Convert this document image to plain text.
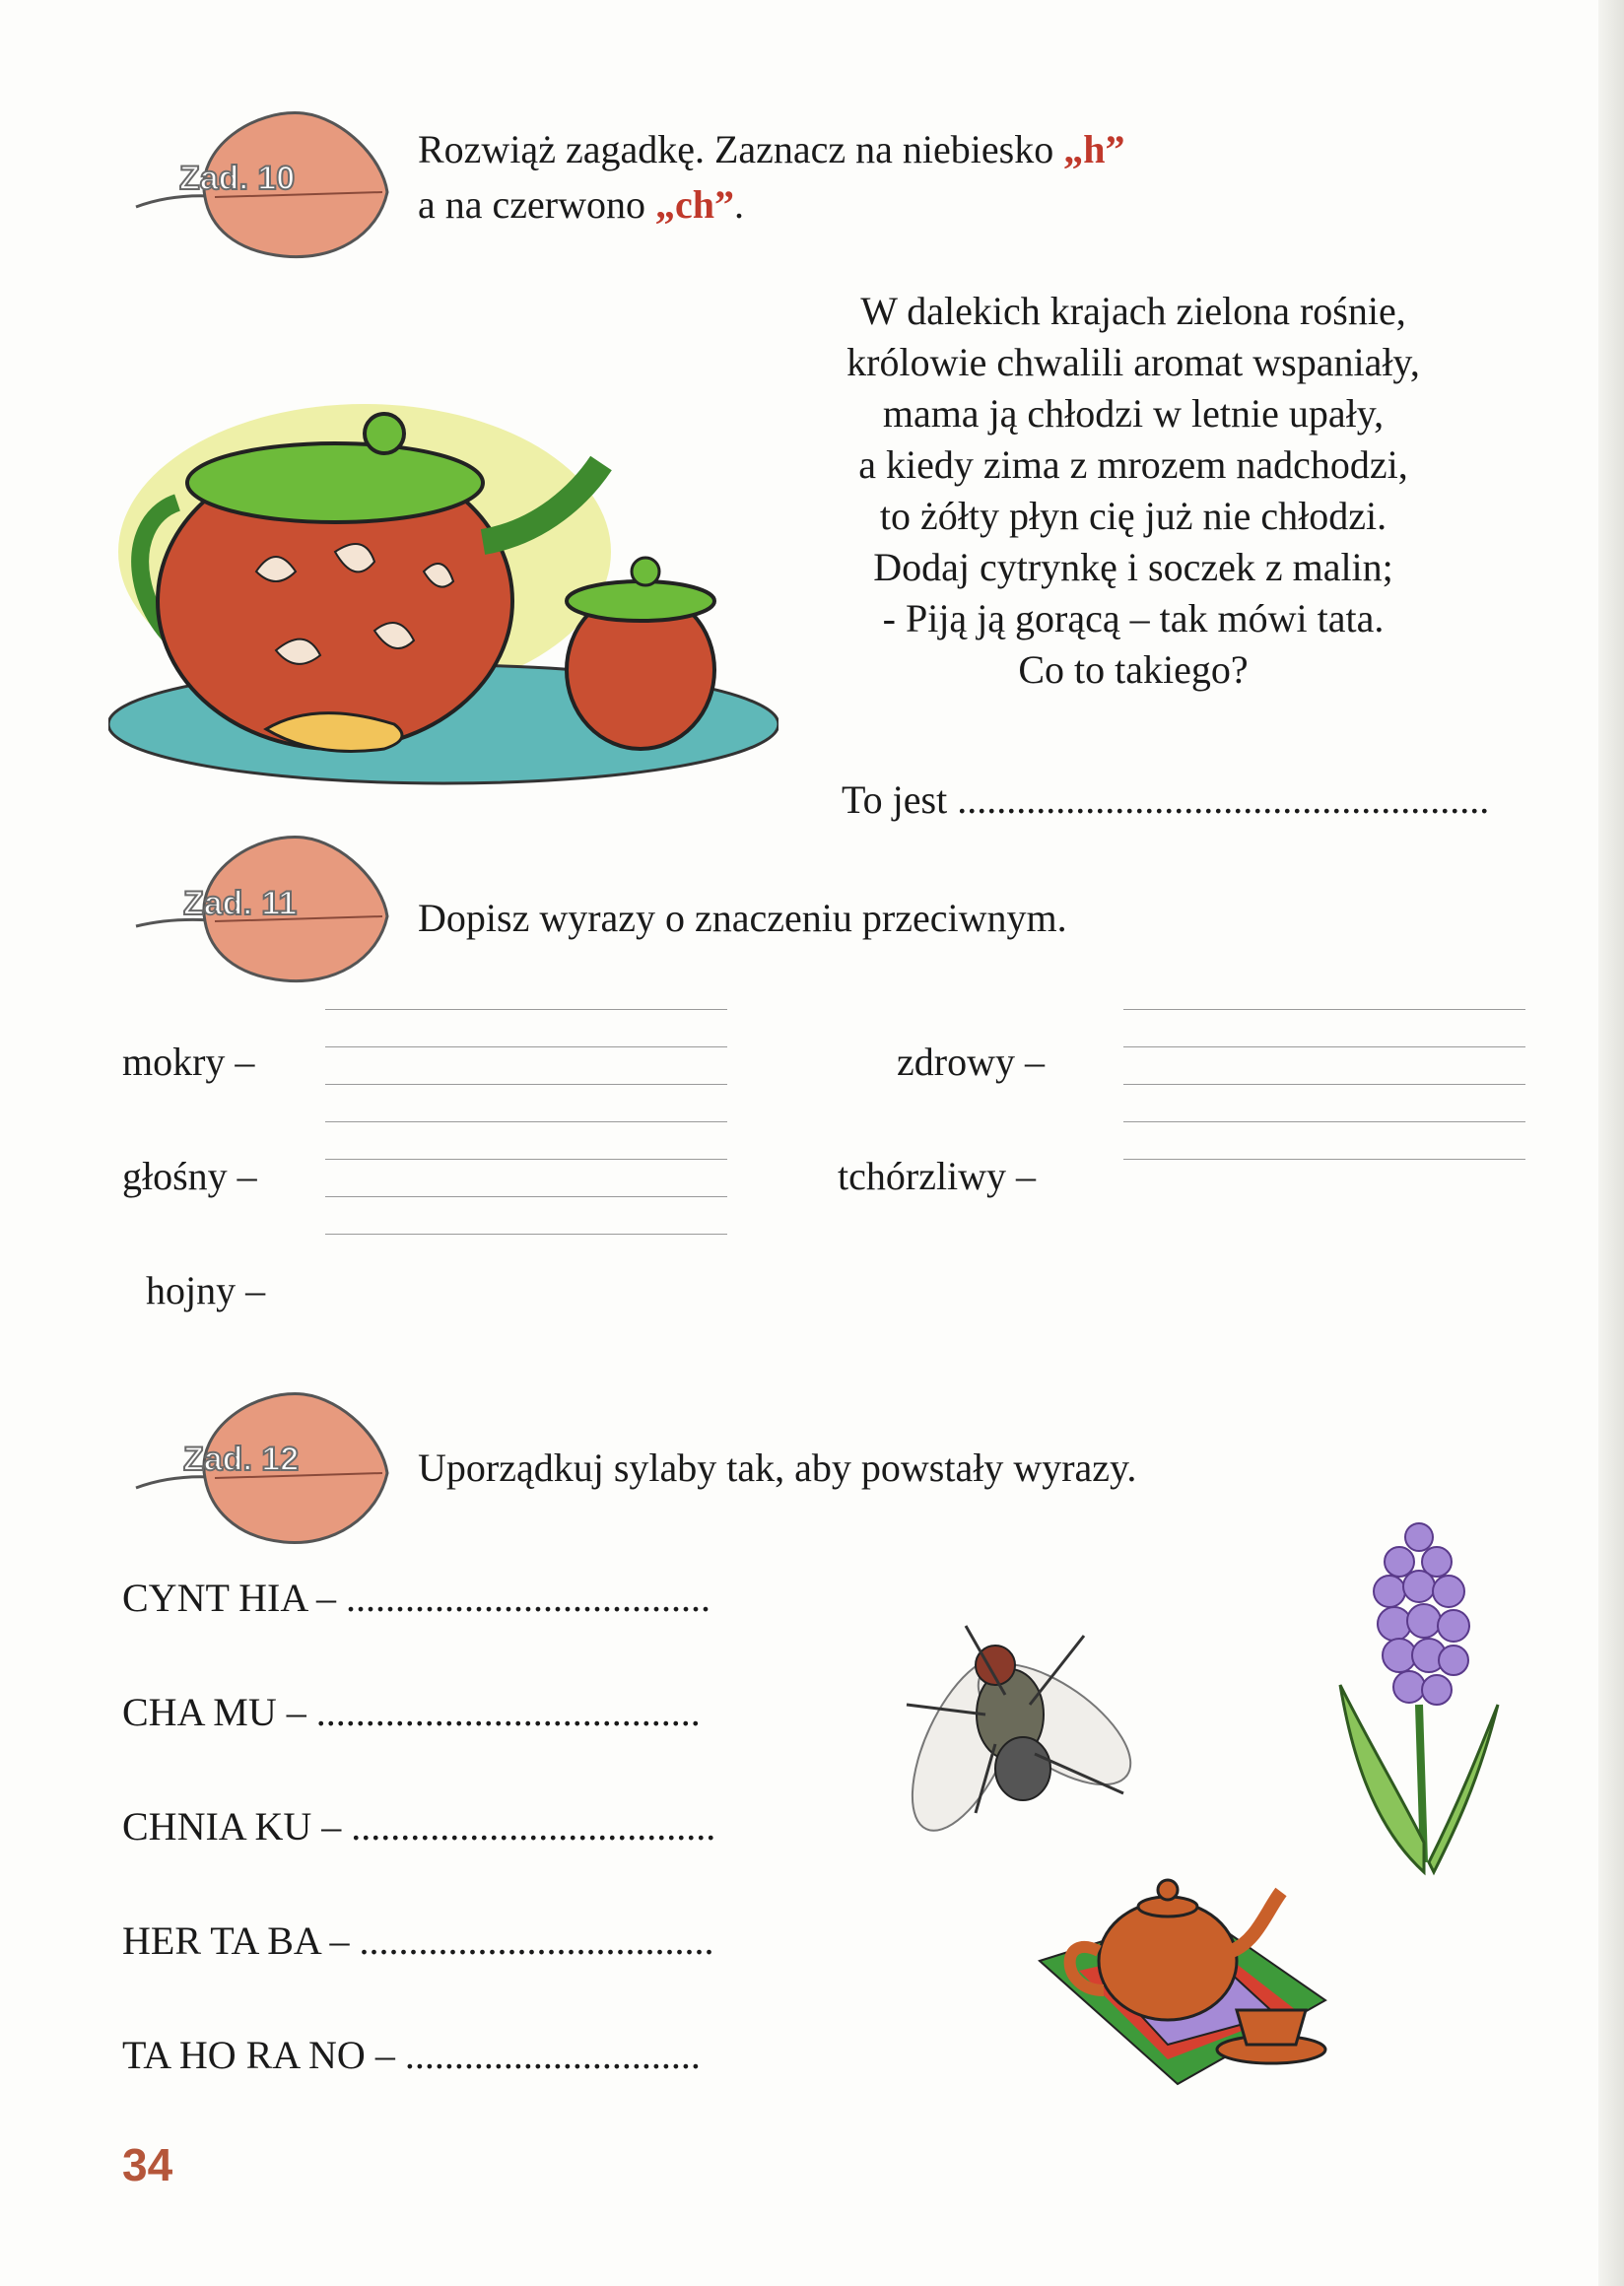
Zad. 10
Rozwiąż zagadkę. Zaznacz na niebiesko „h”
a na czerwono „ch”.
W dalekich krajach zielona rośnie,
królowie chwalili aromat wspaniały,
mama ją chłodzi w letnie upały,
a kiedy zima z mrozem nadchodzi,
to żółty płyn cię już nie chłodzi.
Dodaj cytrynkę i soczek z malin;
- Piją ją gorącą – tak mówi tata.
Co to takiego?
To jest ......................................................
Zad. 11	Dopisz wyrazy o znaczeniu przeciwnym.
mokry –
głośny –
hojny –
zdrowy –
tchórzliwy –
Zad. 12	Uporządkuj sylaby tak, aby powstały wyrazy.
CYNT HIA – .....................................
CHA MU – .......................................
CHNIA KU – .....................................
HER TA BA – ....................................
TA HO RA NO – ..............................
34
